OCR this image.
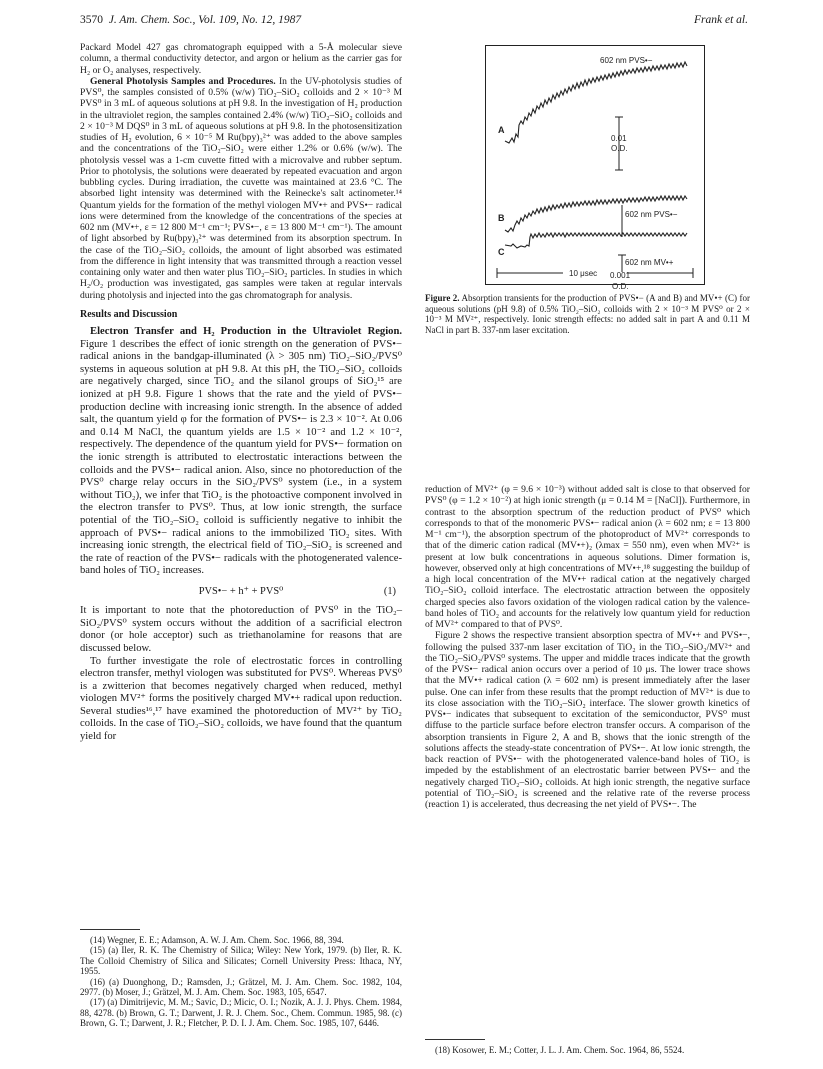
3570 J. Am. Chem. Soc., Vol. 109, No. 12, 1987	Frank et al.

Packard Model 427 gas chromatograph equipped with a 5-Å molecular sieve column, a thermal conductivity detector, and argon or helium as the carrier gas for H₂ or O₂ analyses, respectively.

General Photolysis Samples and Procedures. In the UV-photolysis studies of PVS⁰, the samples consisted of 0.5% (w/w) TiO₂–SiO₂ colloids and 2 × 10⁻³ M PVS⁰ in 3 mL of aqueous solutions at pH 9.8. In the investigation of H₂ production in the ultraviolet region, the samples contained 2.4% (w/w) TiO₂–SiO₂ colloids and 2 × 10⁻³ M DQS⁰ in 3 mL of aqueous solutions at pH 9.8. In the photosensitization studies of H₂ evolution, 6 × 10⁻⁵ M Ru(bpy)₃²⁺ was added to the above samples and the concentrations of the TiO₂–SiO₂ were either 1.2% or 0.6% (w/w). The photolysis vessel was a 1-cm cuvette fitted with a microvalve and rubber septum. Prior to photolysis, the solutions were deaerated by repeated evacuation and argon bubbling cycles. During irradiation, the cuvette was maintained at 23.6 °C. The absorbed light intensity was determined with the Reinecke's salt actinometer.¹⁴ Quantum yields for the formation of the methyl viologen MV•+ and PVS•− radical ions were determined from the knowledge of the concentrations of the species at 602 nm (MV•+, ε = 12 800 M⁻¹ cm⁻¹; PVS•−, ε = 13 800 M⁻¹ cm⁻¹). The amount of light absorbed by Ru(bpy)₃²⁺ was determined from its absorption spectrum. In the case of the TiO₂–SiO₂ colloids, the amount of light absorbed was estimated from the difference in light intensity that was transmitted through a reaction vessel containing only water and then water plus TiO₂–SiO₂ particles. In studies in which H₂/O₂ production was investigated, gas samples were taken at regular intervals during photolysis and injected into the gas chromatograph for analysis.

Results and Discussion

Electron Transfer and H₂ Production in the Ultraviolet Region. Figure 1 describes the effect of ionic strength on the generation of PVS•− radical anions in the bandgap-illuminated (λ > 305 nm) TiO₂–SiO₂/PVS⁰ systems in aqueous solution at pH 9.8. At this pH, the TiO₂–SiO₂ colloids are negatively charged, since TiO₂ and the silanol groups of SiO₂¹⁵ are ionized at pH 9.8. Figure 1 shows that the rate and the yield of PVS•− production decline with increasing ionic strength. In the absence of added salt, the quantum yield φ for the formation of PVS•− is 2.3 × 10⁻². At 0.06 and 0.14 M NaCl, the quantum yields are 1.5 × 10⁻² and 1.2 × 10⁻², respectively. The dependence of the quantum yield for PVS•− formation on the ionic strength is attributed to electrostatic interactions between the colloids and the PVS•− radical anion. Also, since no photoreduction of the PVS⁰ charge relay occurs in the SiO₂/PVS⁰ system (i.e., in a system without TiO₂), we infer that TiO₂ is the photoactive component involved in the electron transfer to PVS⁰. Thus, at low ionic strength, the surface potential of the TiO₂–SiO₂ colloid is sufficiently negative to inhibit the approach of PVS•− radical anions to the immobilized TiO₂ sites. With increasing ionic strength, the electrical field of TiO₂–SiO₂ is screened and the rate of reaction of the PVS•− radicals with the photogenerated valence-band holes of TiO₂ increases.

PVS•− + h⁺ + PVS⁰	(1)

It is important to note that the photoreduction of PVS⁰ in the TiO₂–SiO₂/PVS⁰ system occurs without the addition of a sacrificial electron donor (or hole acceptor) such as triethanolamine for reasons that are discussed below.

To further investigate the role of electrostatic forces in controlling electron transfer, methyl viologen was substituted for PVS⁰. Whereas PVS⁰ is a zwitterion that becomes negatively charged when reduced, methyl viologen MV²⁺ forms the positively charged MV•+ radical upon reduction. Several studies¹⁶,¹⁷ have examined the photoreduction of MV²⁺ by TiO₂ colloids. In the case of TiO₂–SiO₂ colloids, we have found that the quantum yield for

(14) Wegner, E. E.; Adamson, A. W. J. Am. Chem. Soc. 1966, 88, 394.

(15) (a) Iler, R. K. The Chemistry of Silica; Wiley: New York, 1979. (b) Iler, R. K. The Colloid Chemistry of Silica and Silicates; Cornell University Press: Ithaca, NY, 1955.

(16) (a) Duonghong, D.; Ramsden, J.; Grätzel, M. J. Am. Chem. Soc. 1982, 104, 2977. (b) Moser, J.; Grätzel, M. J. Am. Chem. Soc. 1983, 105, 6547.

(17) (a) Dimitrijevic, M. M.; Savic, D.; Micic, O. I.; Nozik, A. J. J. Phys. Chem. 1984, 88, 4278. (b) Brown, G. T.; Darwent, J. R. J. Chem. Soc., Chem. Commun. 1985, 98. (c) Brown, G. T.; Darwent, J. R.; Fletcher, P. D. I. J. Am. Chem. Soc. 1985, 107, 6446.

602 nm PVS•−
A
0.01
O.D.
602 nm PVS•−
B
602 nm MV•+
10 μsec
C
0.001
O.D.
Figure 2. Absorption transients for the production of PVS•− (A and B) and MV•+ (C) for aqueous solutions (pH 9.8) of 0.5% TiO₂–SiO₂ colloids with 2 × 10⁻³ M PVS⁰ or 2 × 10⁻³ M MV²⁺, respectively. Ionic strength effects: no added salt in part A and 0.11 M NaCl in part B. 337-nm laser excitation.

reduction of MV²⁺ (φ = 9.6 × 10⁻³) without added salt is close to that observed for PVS⁰ (φ = 1.2 × 10⁻²) at high ionic strength (μ = 0.14 M = [NaCl]). Furthermore, in contrast to the absorption spectrum of the reduction product of PVS⁰ which corresponds to that of the monomeric PVS•− radical anion (λ = 602 nm; ε = 13 800 M⁻¹ cm⁻¹), the absorption spectrum of the photoproduct of MV²⁺ corresponds to that of the dimeric cation radical (MV•+)₂ (λmax = 550 nm), even when MV²⁺ is present at low bulk concentrations in aqueous solutions. Dimer formation is, however, observed only at high concentrations of MV•+,¹⁸ suggesting the buildup of a high local concentration of the MV•+ radical cation at the negatively charged TiO₂–SiO₂ colloid interface. The electrostatic attraction between the oppositely charged species also favors oxidation of the viologen radical cation by the valence-band holes of TiO₂ and accounts for the relatively low quantum yield for reduction of MV²⁺ compared to that of PVS⁰.

Figure 2 shows the respective transient absorption spectra of MV•+ and PVS•−, following the pulsed 337-nm laser excitation of TiO₂ in the TiO₂–SiO₂/MV²⁺ and the TiO₂–SiO₂/PVS⁰ systems. The upper and middle traces indicate that the growth of the PVS•− radical anion occurs over a period of 10 μs. The lower trace shows that the MV•+ radical cation (λ = 602 nm) is present immediately after the laser pulse. One can infer from these results that the prompt reduction of MV²⁺ is due to its close association with the TiO₂–SiO₂ interface. The slower growth kinetics of PVS•− indicates that subsequent to excitation of the semiconductor, PVS⁰ must diffuse to the particle surface before electron transfer occurs. A comparison of the absorption transients in Figure 2, A and B, shows that the ionic strength of the solutions affects the steady-state concentration of PVS•−. At low ionic strength, the back reaction of PVS•− with the photogenerated valence-band holes of TiO₂ is impeded by the establishment of an electrostatic barrier between PVS•− and the negatively charged TiO₂–SiO₂ colloids. At high ionic strength, the negative surface potential of TiO₂–SiO₂ is screened and the relative rate of the reverse process (reaction 1) is accelerated, thus decreasing the net yield of PVS•−. The

(18) Kosower, E. M.; Cotter, J. L. J. Am. Chem. Soc. 1964, 86, 5524.
